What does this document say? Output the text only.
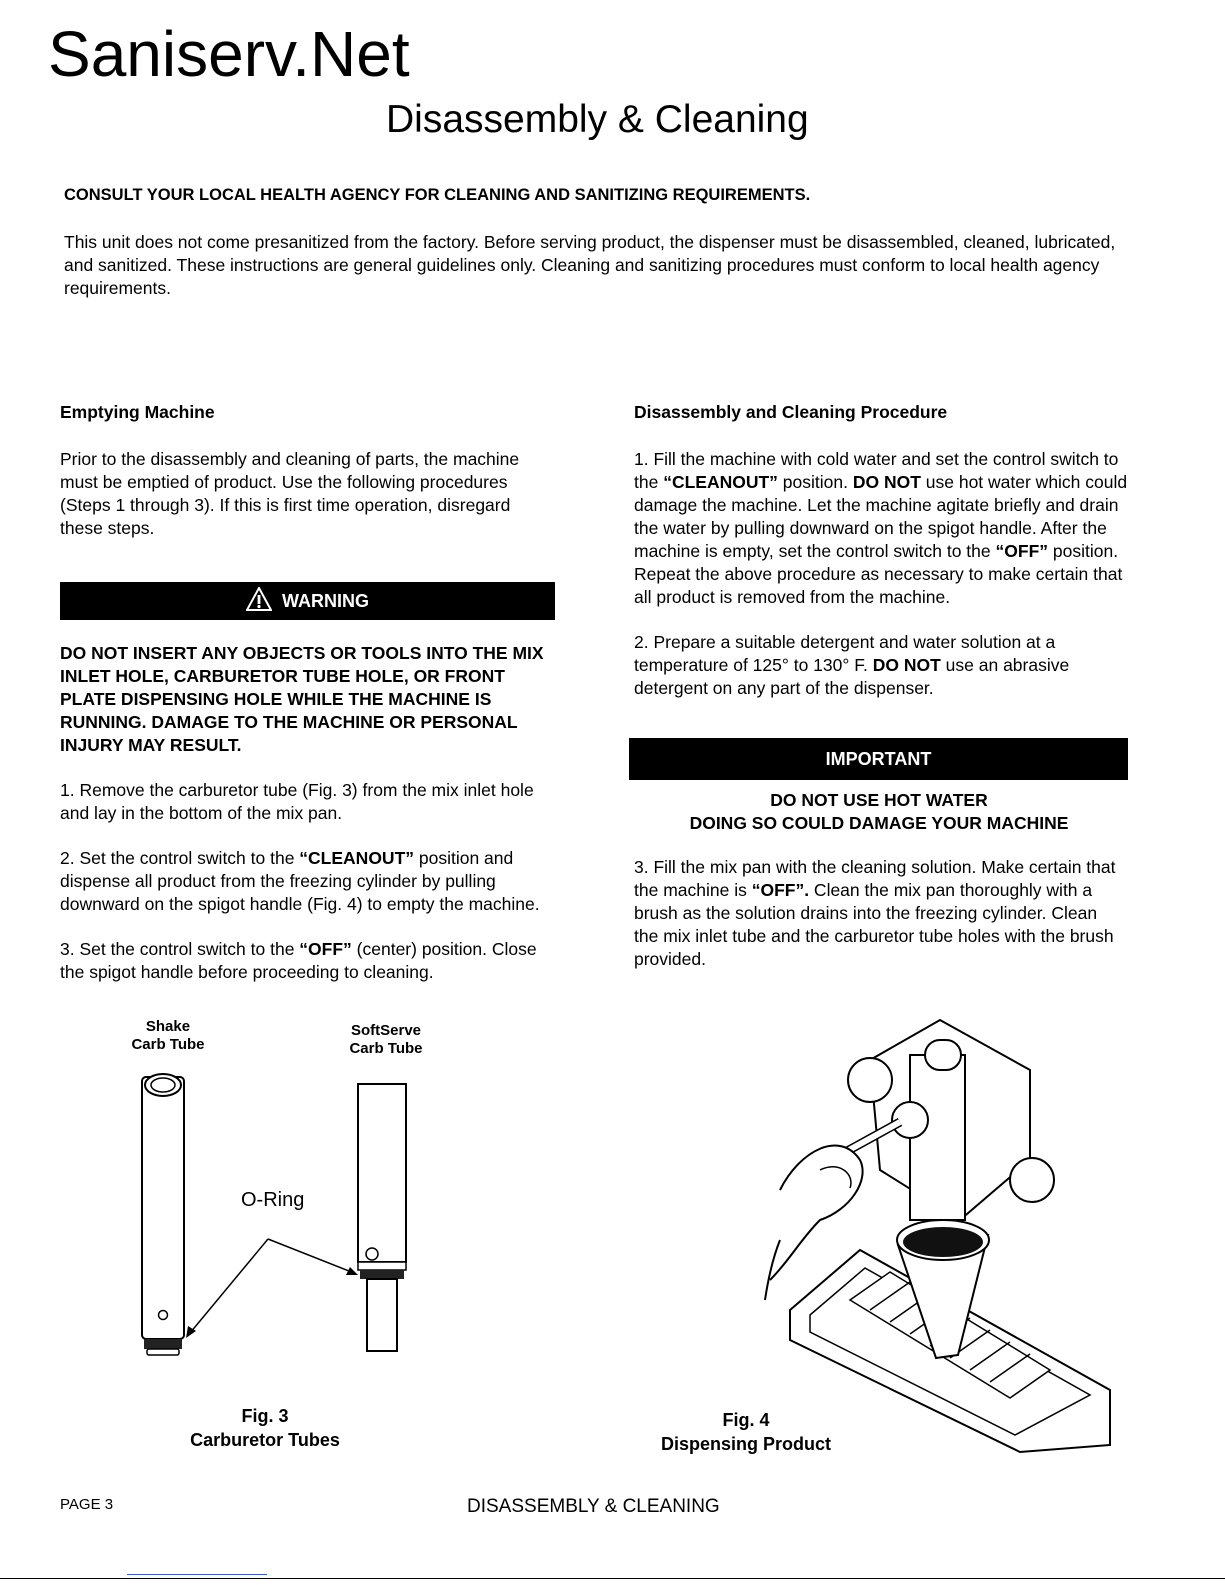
Saniserv.Net
Disassembly & Cleaning
CONSULT YOUR LOCAL HEALTH AGENCY FOR CLEANING AND SANITIZING REQUIREMENTS.
This unit does not come presanitized from the factory. Before serving product, the dispenser must be disassembled, cleaned, lubricated, and sanitized. These instructions are general guidelines only. Cleaning and sanitizing procedures must conform to local health agency requirements.

Emptying Machine

Prior to the disassembly and cleaning of parts, the machine must be emptied of product. Use the following procedures (Steps 1 through 3). If this is first time operation, disregard these steps.

WARNING

DO NOT INSERT ANY OBJECTS OR TOOLS INTO THE MIX INLET HOLE, CARBURETOR TUBE HOLE, OR FRONT PLATE DISPENSING HOLE WHILE THE MACHINE IS RUNNING. DAMAGE TO THE MACHINE OR PERSONAL INJURY MAY RESULT.

1. Remove the carburetor tube (Fig. 3) from the mix inlet hole and lay in the bottom of the mix pan.

2. Set the control switch to the “CLEANOUT” position and dispense all product from the freezing cylinder by pulling downward on the spigot handle (Fig. 4) to empty the machine.

3. Set the control switch to the “OFF” (center) position. Close the spigot handle before proceeding to cleaning.

Disassembly and Cleaning Procedure

1. Fill the machine with cold water and set the control switch to the “CLEANOUT” position. DO NOT use hot water which could damage the machine. Let the machine agitate briefly and drain the water by pulling downward on the spigot handle. After the machine is empty, set the control switch to the “OFF” position. Repeat the above procedure as necessary to make certain that all product is removed from the machine.

2. Prepare a suitable detergent and water solution at a temperature of 125° to 130° F. DO NOT use an abrasive detergent on any part of the dispenser.

IMPORTANT

DO NOT USE HOT WATER

DOING SO COULD DAMAGE YOUR MACHINE

3. Fill the mix pan with the cleaning solution. Make certain that the machine is “OFF”. Clean the mix pan thoroughly with a brush as the solution drains into the freezing cylinder. Clean the mix inlet tube and the carburetor tube holes with the brush provided.

Shake
Carb Tube
SoftServe
Carb Tube
O-Ring
Fig. 3
Carburetor Tubes
Fig. 4
Dispensing Product
PAGE 3	DISASSEMBLY & CLEANING
